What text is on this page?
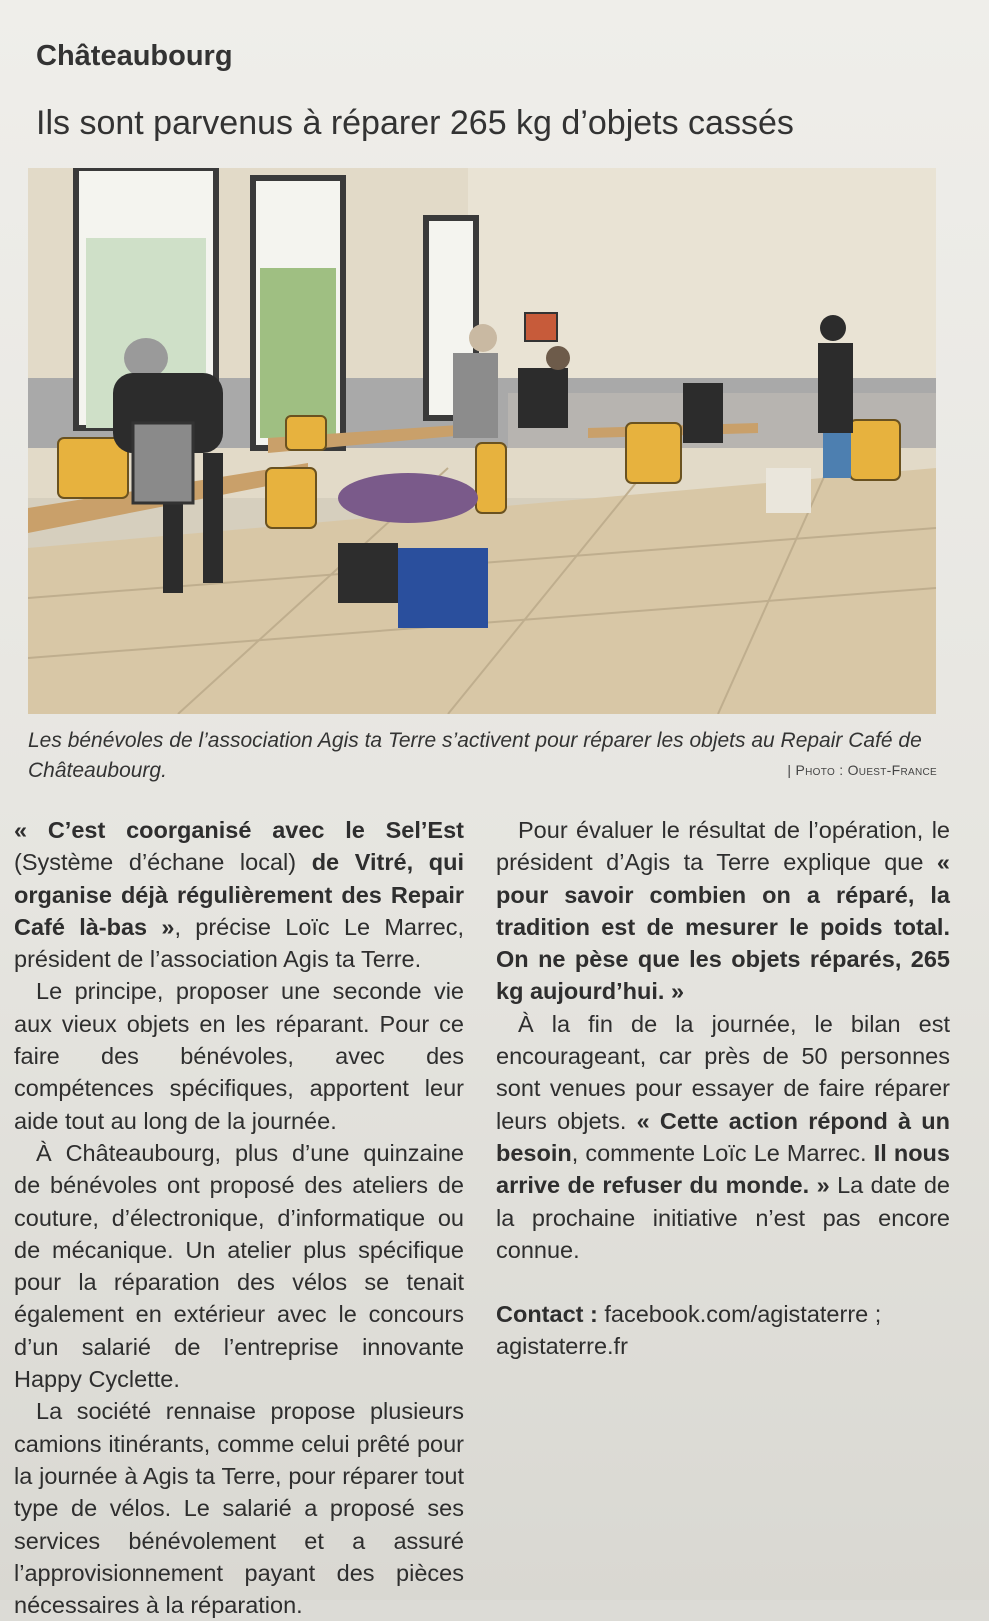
Châteaubourg
Ils sont parvenus à réparer 265 kg d’objets cassés
Les bénévoles de l’association Agis ta Terre s’activent pour réparer les objets au Repair Café de Châteaubourg.	| Photo : Ouest-France

« C’est coorganisé avec le Sel’Est (Système d’échane local) de Vitré, qui organise déjà régulièrement des Repair Café là-bas », précise Loïc Le Marrec, président de l’association Agis ta Terre.

Le principe, proposer une seconde vie aux vieux objets en les réparant. Pour ce faire des bénévoles, avec des compétences spécifiques, apportent leur aide tout au long de la journée.

À Châteaubourg, plus d’une quinzaine de bénévoles ont proposé des ateliers de couture, d’électronique, d’informatique ou de mécanique. Un atelier plus spécifique pour la réparation des vélos se tenait également en extérieur avec le concours d’un salarié de l’entreprise innovante Happy Cyclette.

La société rennaise propose plusieurs camions itinérants, comme celui prêté pour la journée à Agis ta Terre, pour réparer tout type de vélos. Le salarié a proposé ses services bénévolement et a assuré l’approvisionnement payant des pièces nécessaires à la réparation.

Pour évaluer le résultat de l’opération, le président d’Agis ta Terre explique que « pour savoir combien on a réparé, la tradition est de mesurer le poids total. On ne pèse que les objets réparés, 265 kg aujourd’hui. »

À la fin de la journée, le bilan est encourageant, car près de 50 personnes sont venues pour essayer de faire réparer leurs objets. « Cette action répond à un besoin, commente Loïc Le Marrec. Il nous arrive de refuser du monde. » La date de la prochaine initiative n’est pas encore connue.

Contact : facebook.com/agistaterre ; agistaterre.fr
